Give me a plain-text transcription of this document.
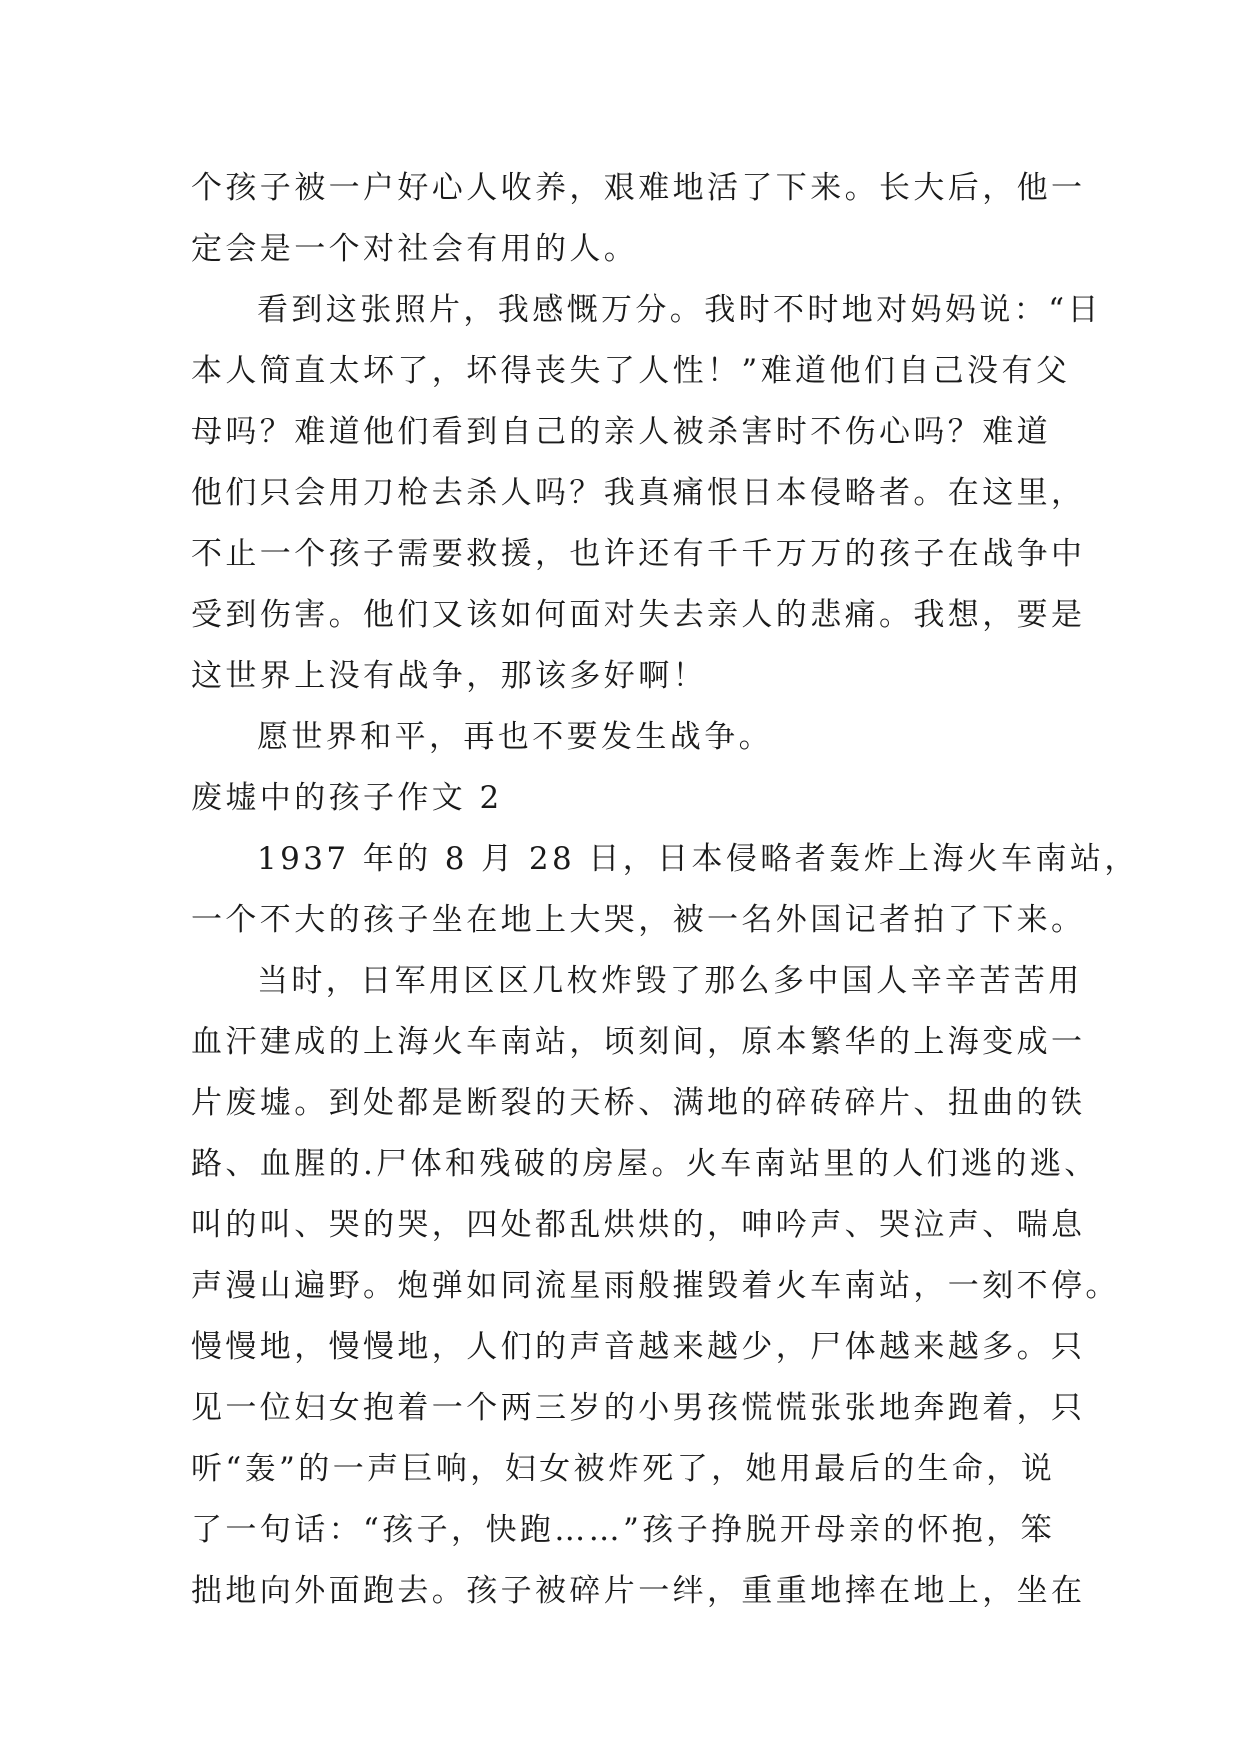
个孩子被一户好心人收养，艰难地活了下来。长大后，他一
定会是一个对社会有用的人。
看到这张照片，我感慨万分。我时不时地对妈妈说：“日
本人简直太坏了，坏得丧失了人性！”难道他们自己没有父
母吗？难道他们看到自己的亲人被杀害时不伤心吗？难道
他们只会用刀枪去杀人吗？我真痛恨日本侵略者。在这里，
不止一个孩子需要救援，也许还有千千万万的孩子在战争中
受到伤害。他们又该如何面对失去亲人的悲痛。我想，要是
这世界上没有战争，那该多好啊！
愿世界和平，再也不要发生战争。
废墟中的孩子作文 2
1937 年的 8 月 28 日，日本侵略者轰炸上海火车南站，
一个不大的孩子坐在地上大哭，被一名外国记者拍了下来。
当时，日军用区区几枚炸毁了那么多中国人辛辛苦苦用
血汗建成的上海火车南站，顷刻间，原本繁华的上海变成一
片废墟。到处都是断裂的天桥、满地的碎砖碎片、扭曲的铁
路、血腥的.尸体和残破的房屋。火车南站里的人们逃的逃、
叫的叫、哭的哭，四处都乱烘烘的，呻吟声、哭泣声、喘息
声漫山遍野。炮弹如同流星雨般摧毁着火车南站，一刻不停。
慢慢地，慢慢地，人们的声音越来越少，尸体越来越多。只
见一位妇女抱着一个两三岁的小男孩慌慌张张地奔跑着，只
听“轰”的一声巨响，妇女被炸死了，她用最后的生命，说
了一句话：“孩子，快跑……”孩子挣脱开母亲的怀抱，笨
拙地向外面跑去。孩子被碎片一绊，重重地摔在地上，坐在
